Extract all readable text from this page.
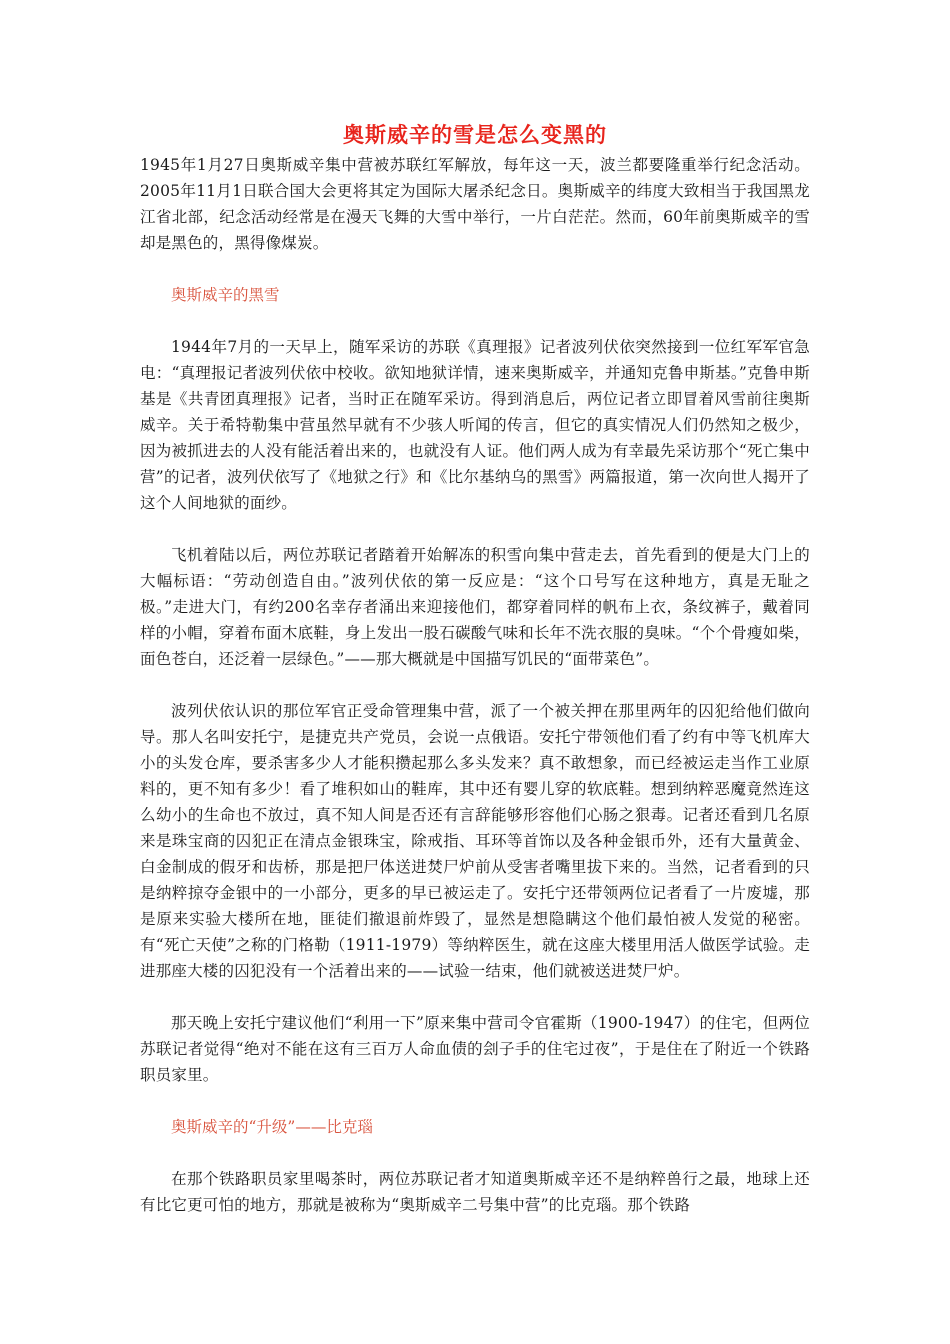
奥斯威辛的雪是怎么变黑的

1945年1月27日奥斯威辛集中营被苏联红军解放，每年这一天，波兰都要隆重举行纪念活动。2005年11月1日联合国大会更将其定为国际大屠杀纪念日。奥斯威辛的纬度大致相当于我国黑龙江省北部，纪念活动经常是在漫天飞舞的大雪中举行，一片白茫茫。然而，60年前奥斯威辛的雪却是黑色的，黑得像煤炭。

奥斯威辛的黑雪

1944年7月的一天早上，随军采访的苏联《真理报》记者波列伏依突然接到一位红军军官急电：“真理报记者波列伏依中校收。欲知地狱详情，速来奥斯威辛，并通知克鲁申斯基。”克鲁申斯基是《共青团真理报》记者，当时正在随军采访。得到消息后，两位记者立即冒着风雪前往奥斯威辛。关于希特勒集中营虽然早就有不少骇人听闻的传言，但它的真实情况人们仍然知之极少，因为被抓进去的人没有能活着出来的，也就没有人证。他们两人成为有幸最先采访那个“死亡集中营”的记者，波列伏依写了《地狱之行》和《比尔基纳乌的黑雪》两篇报道，第一次向世人揭开了这个人间地狱的面纱。

飞机着陆以后，两位苏联记者踏着开始解冻的积雪向集中营走去，首先看到的便是大门上的大幅标语：“劳动创造自由。”波列伏依的第一反应是：“这个口号写在这种地方，真是无耻之极。”走进大门，有约200名幸存者涌出来迎接他们，都穿着同样的帆布上衣，条纹裤子，戴着同样的小帽，穿着布面木底鞋，身上发出一股石碳酸气味和长年不洗衣服的臭味。“个个骨瘦如柴，面色苍白，还泛着一层绿色。”——那大概就是中国描写饥民的“面带菜色”。

波列伏依认识的那位军官正受命管理集中营，派了一个被关押在那里两年的囚犯给他们做向导。那人名叫安托宁，是捷克共产党员，会说一点俄语。安托宁带领他们看了约有中等飞机库大小的头发仓库，要杀害多少人才能积攒起那么多头发来？真不敢想象，而已经被运走当作工业原料的，更不知有多少！看了堆积如山的鞋库，其中还有婴儿穿的软底鞋。想到纳粹恶魔竟然连这么幼小的生命也不放过，真不知人间是否还有言辞能够形容他们心肠之狠毒。记者还看到几名原来是珠宝商的囚犯正在清点金银珠宝，除戒指、耳环等首饰以及各种金银币外，还有大量黄金、白金制成的假牙和齿桥，那是把尸体送进焚尸炉前从受害者嘴里拔下来的。当然，记者看到的只是纳粹掠夺金银中的一小部分，更多的早已被运走了。安托宁还带领两位记者看了一片废墟，那是原来实验大楼所在地，匪徒们撤退前炸毁了，显然是想隐瞒这个他们最怕被人发觉的秘密。有“死亡天使”之称的门格勒（1911-1979）等纳粹医生，就在这座大楼里用活人做医学试验。走进那座大楼的囚犯没有一个活着出来的——试验一结束，他们就被送进焚尸炉。

那天晚上安托宁建议他们“利用一下”原来集中营司令官霍斯（1900-1947）的住宅，但两位苏联记者觉得“绝对不能在这有三百万人命血债的刽子手的住宅过夜”，于是住在了附近一个铁路职员家里。

奥斯威辛的“升级”——比克瑙

在那个铁路职员家里喝茶时，两位苏联记者才知道奥斯威辛还不是纳粹兽行之最，地球上还有比它更可怕的地方，那就是被称为“奥斯威辛二号集中营”的比克瑙。那个铁路
